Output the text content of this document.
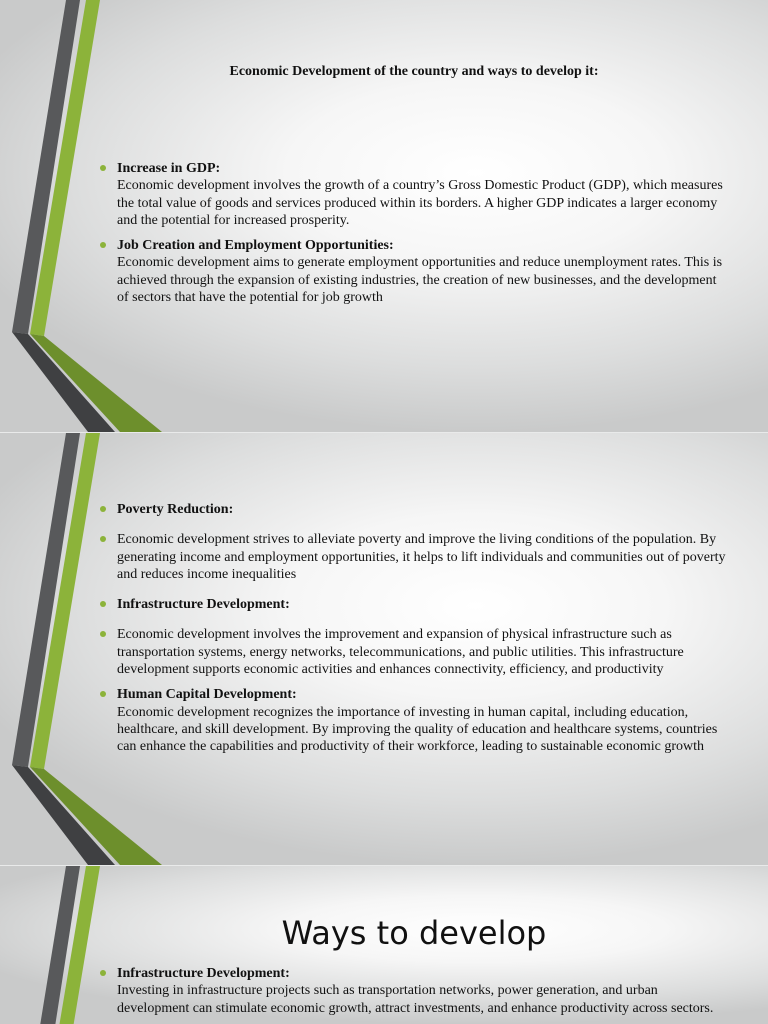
Economic Development of the country and ways to develop it:
Increase in GDP:
Economic development involves the growth of a country’s Gross Domestic Product (GDP), which measures the total value of goods and services produced within its borders. A higher GDP indicates a larger economy and the potential for increased prosperity.
Job Creation and Employment Opportunities:
Economic development aims to generate employment opportunities and reduce unemployment rates. This is achieved through the expansion of existing industries, the creation of new businesses, and the development of sectors that have the potential for job growth
Poverty Reduction:
Economic development strives to alleviate poverty and improve the living conditions of the population. By generating income and employment opportunities, it helps to lift individuals and communities out of poverty and reduces income inequalities
Infrastructure Development:
Economic development involves the improvement and expansion of physical infrastructure such as transportation systems, energy networks, telecommunications, and public utilities. This infrastructure development supports economic activities and enhances connectivity, efficiency, and productivity
Human Capital Development:
Economic development recognizes the importance of investing in human capital, including education, healthcare, and skill development. By improving the quality of education and healthcare systems, countries can enhance the capabilities and productivity of their workforce, leading to sustainable economic growth
Ways to develop
Infrastructure Development:
Investing in infrastructure projects such as transportation networks, power generation, and urban development can stimulate economic growth, attract investments, and enhance productivity across sectors.
